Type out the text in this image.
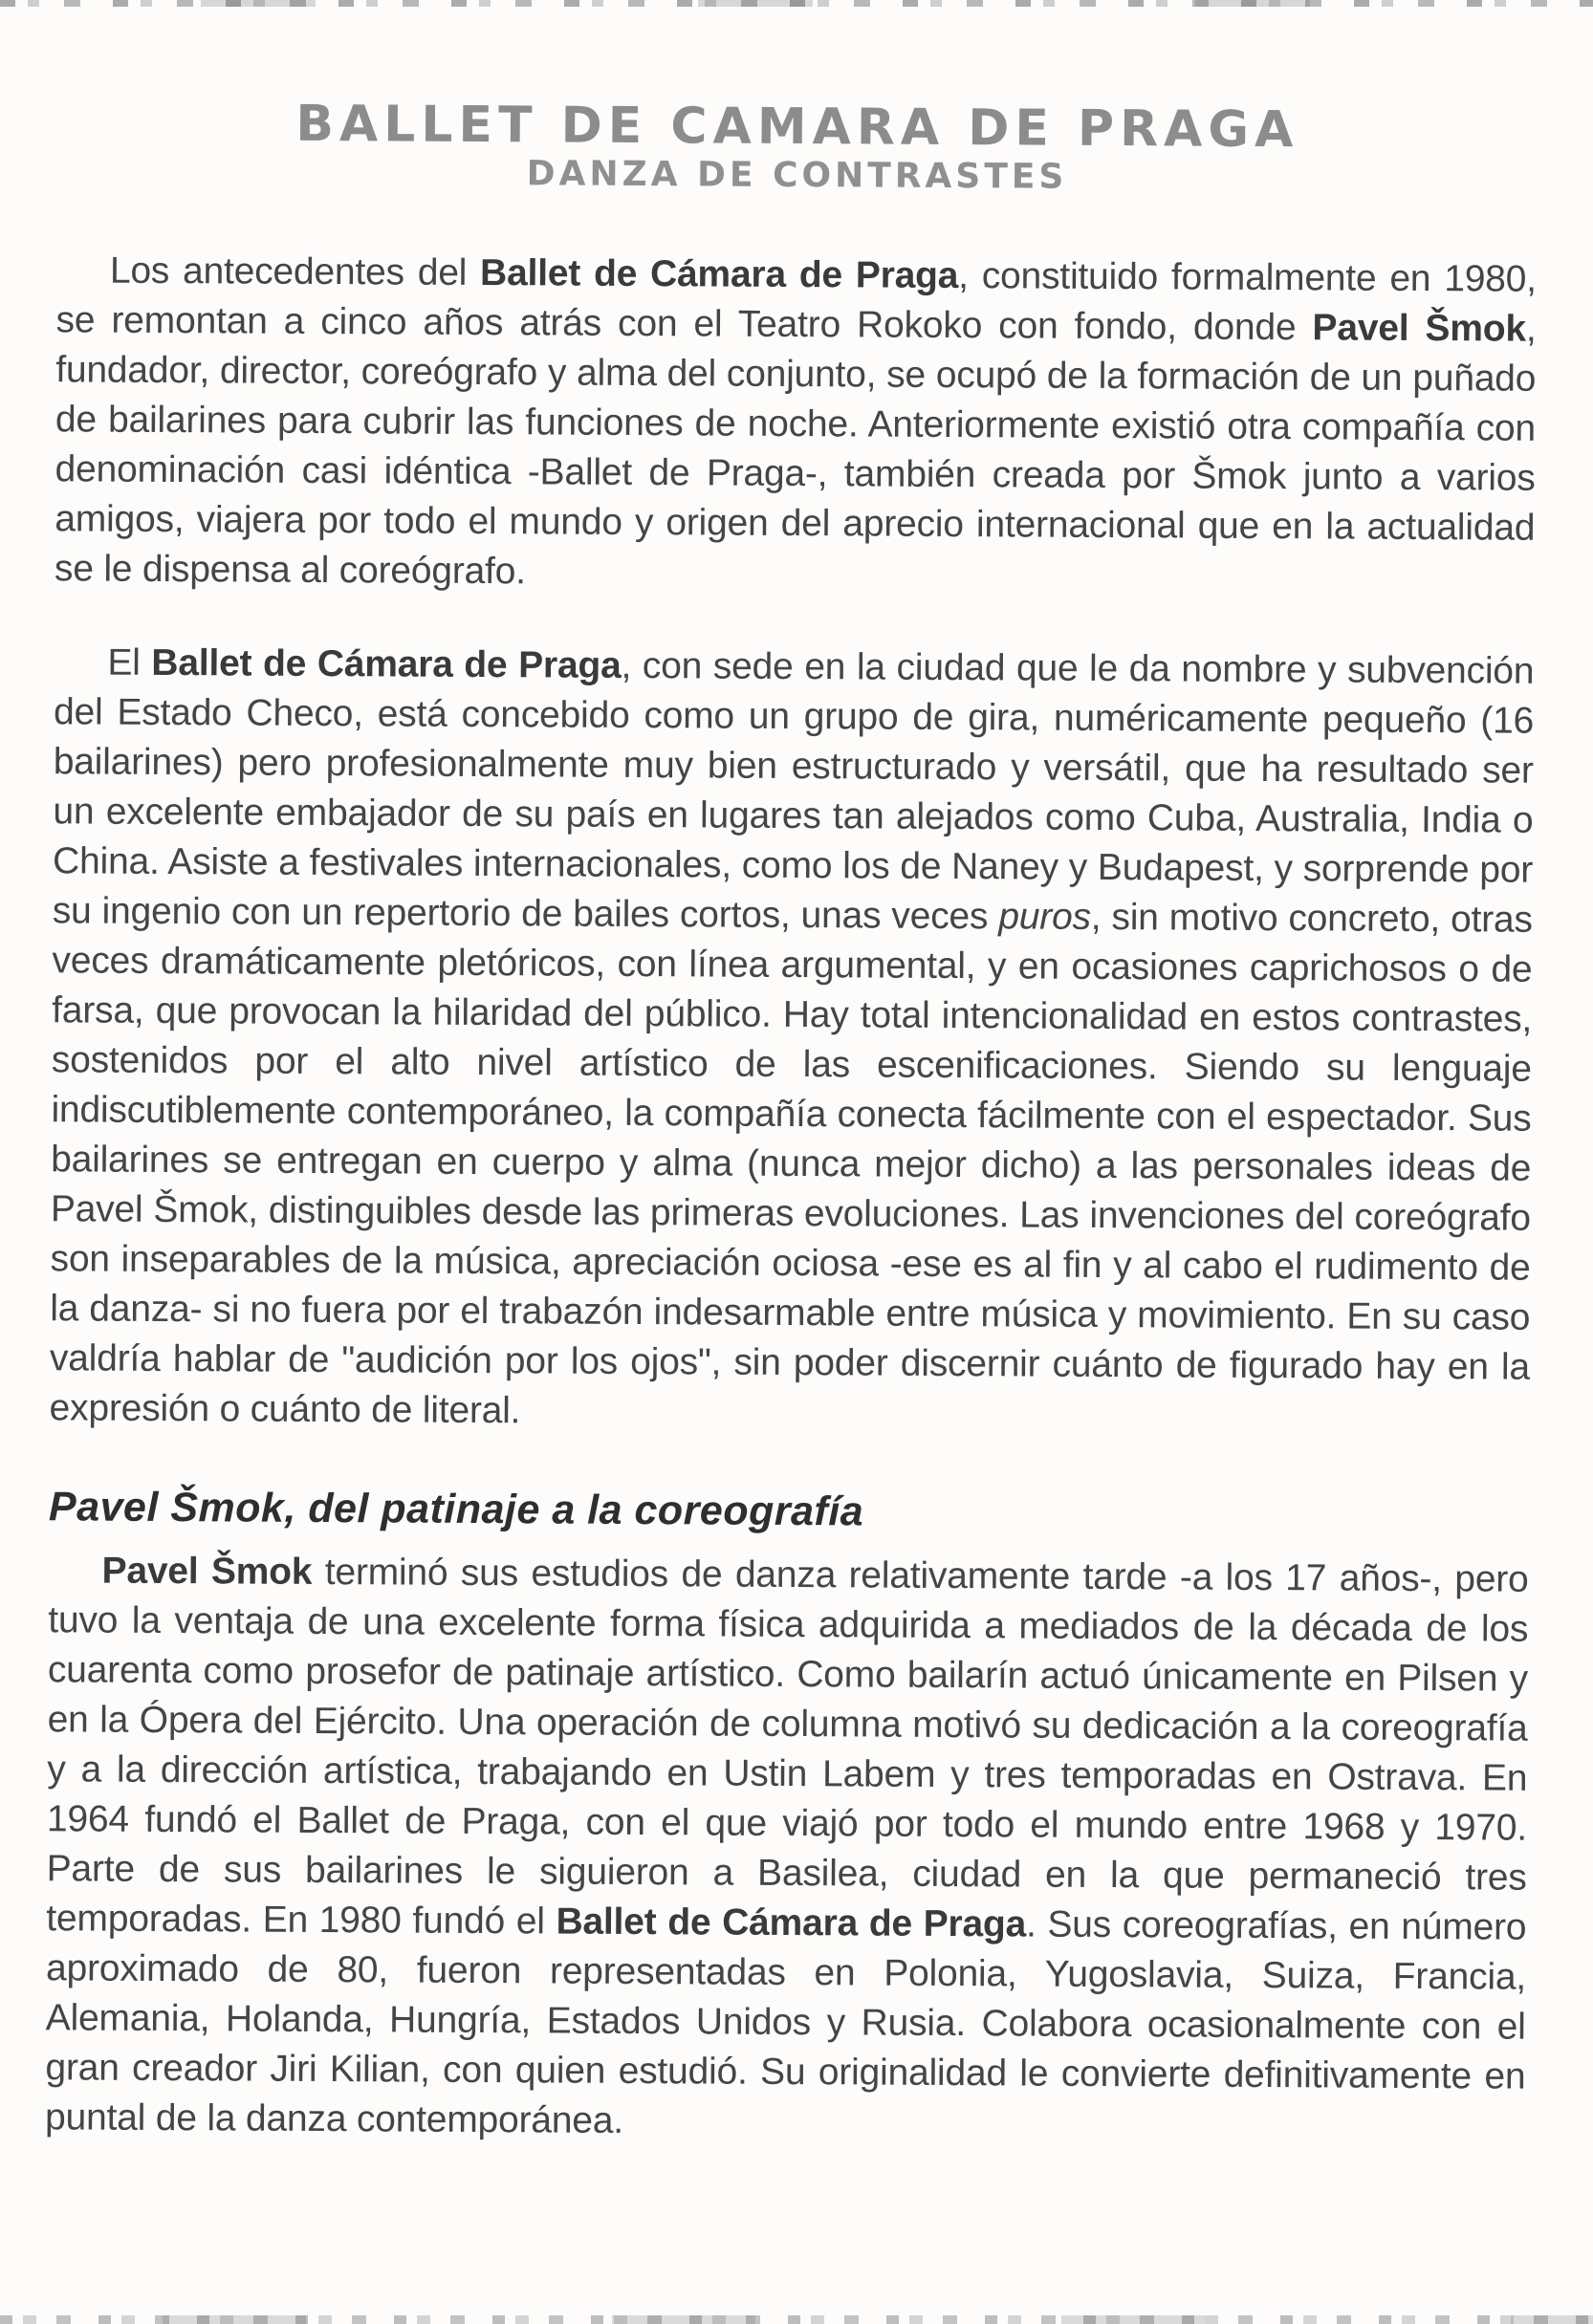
BALLET DE CAMARA DE PRAGA
DANZA DE CONTRASTES

Los antecedentes del Ballet de Cámara de Praga, constituido formalmente en 1980, se remontan a cinco años atrás con el Teatro Rokoko con fondo, donde Pavel Šmok, fundador, director, coreógrafo y alma del conjunto, se ocupó de la formación de un puñado de bailarines para cubrir las funciones de noche. Anteriormente existió otra compañía con denominación casi idéntica -Ballet de Praga-, también creada por Šmok junto a varios amigos, viajera por todo el mundo y origen del aprecio internacional que en la actualidad se le dispensa al coreógrafo.

El Ballet de Cámara de Praga, con sede en la ciudad que le da nombre y subvención del Estado Checo, está concebido como un grupo de gira, numéricamente pequeño (16 bailarines) pero profesionalmente muy bien estructurado y versátil, que ha resultado ser un excelente embajador de su país en lugares tan alejados como Cuba, Australia, India o China. Asiste a festivales internacionales, como los de Naney y Budapest, y sorprende por su ingenio con un repertorio de bailes cortos, unas veces puros, sin motivo concreto, otras veces dramáticamente pletóricos, con línea argumental, y en ocasiones caprichosos o de farsa, que provocan la hilaridad del público. Hay total intencionalidad en estos contrastes, sostenidos por el alto nivel artístico de las escenificaciones. Siendo su lenguaje indiscutiblemente contemporáneo, la compañía conecta fácilmente con el espectador. Sus bailarines se entregan en cuerpo y alma (nunca mejor dicho) a las personales ideas de Pavel Šmok, distinguibles desde las primeras evoluciones. Las invenciones del coreógrafo son inseparables de la música, apreciación ociosa -ese es al fin y al cabo el rudimento de la danza- si no fuera por el trabazón indesarmable entre música y movimiento. En su caso valdría hablar de "audición por los ojos", sin poder discernir cuánto de figurado hay en la expresión o cuánto de literal.

Pavel Šmok, del patinaje a la coreografía

Pavel Šmok terminó sus estudios de danza relativamente tarde -a los 17 años-, pero tuvo la ventaja de una excelente forma física adquirida a mediados de la década de los cuarenta como prosefor de patinaje artístico. Como bailarín actuó únicamente en Pilsen y en la Ópera del Ejército. Una operación de columna motivó su dedicación a la coreografía y a la dirección artística, trabajando en Ustin Labem y tres temporadas en Ostrava. En 1964 fundó el Ballet de Praga, con el que viajó por todo el mundo entre 1968 y 1970. Parte de sus bailarines le siguieron a Basilea, ciudad en la que permaneció tres temporadas. En 1980 fundó el Ballet de Cámara de Praga. Sus coreografías, en número aproximado de 80, fueron representadas en Polonia, Yugoslavia, Suiza, Francia, Alemania, Holanda, Hungría, Estados Unidos y Rusia. Colabora ocasionalmente con el gran creador Jiri Kilian, con quien estudió. Su originalidad le convierte definitivamente en puntal de la danza contemporánea.
